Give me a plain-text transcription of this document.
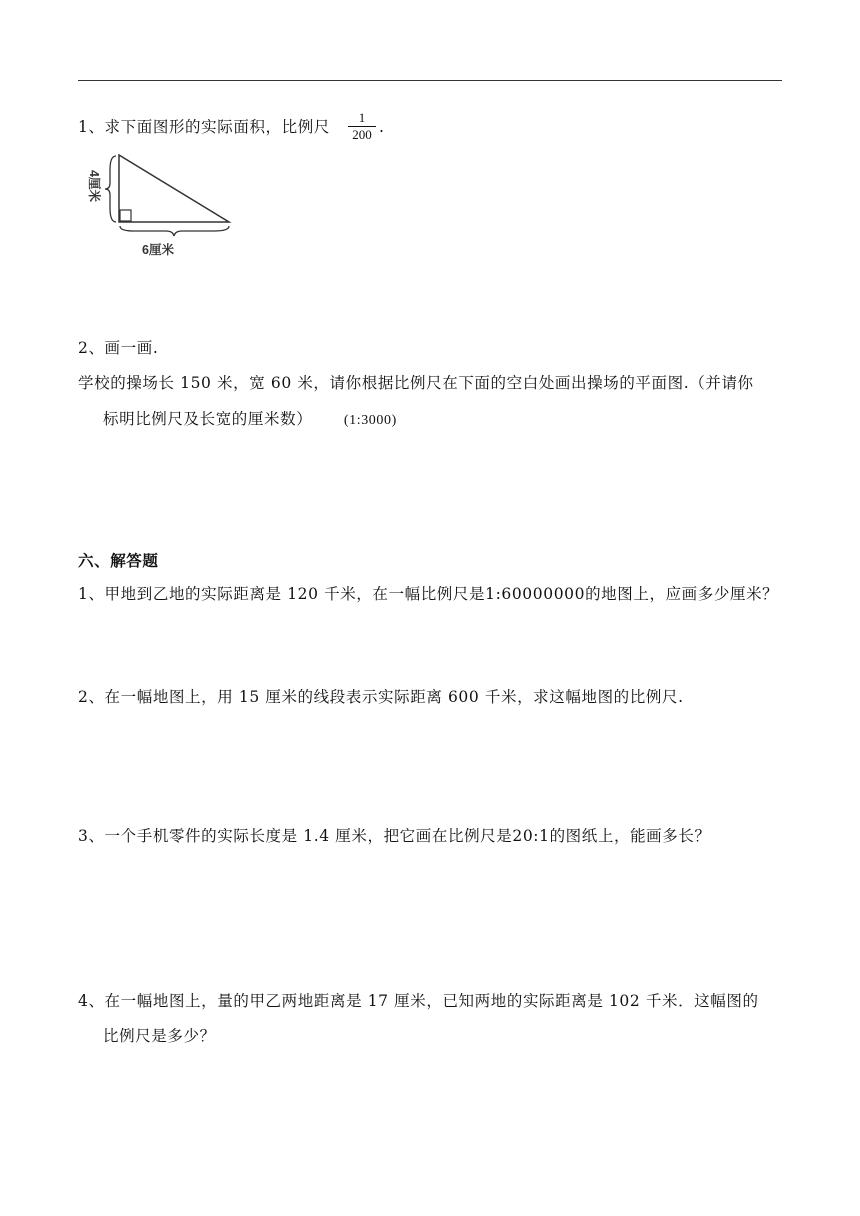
1、求下面图形的实际面积，比例尺 $\frac{1}{200}$ .
4厘米
6厘米
2、画一画.
学校的操场长 150 米，宽 60 米，请你根据比例尺在下面的空白处画出操场的平面图.（并请你
标明比例尺及长宽的厘米数） (1:3000)
六、解答题
1、甲地到乙地的实际距离是 120 千米，在一幅比例尺是1:60000000的地图上，应画多少厘米？
2、在一幅地图上，用 15 厘米的线段表示实际距离 600 千米，求这幅地图的比例尺.
3、一个手机零件的实际长度是 1.4 厘米，把它画在比例尺是20:1的图纸上，能画多长？
4、在一幅地图上，量的甲乙两地距离是 17 厘米，已知两地的实际距离是 102 千米．这幅图的
比例尺是多少？
